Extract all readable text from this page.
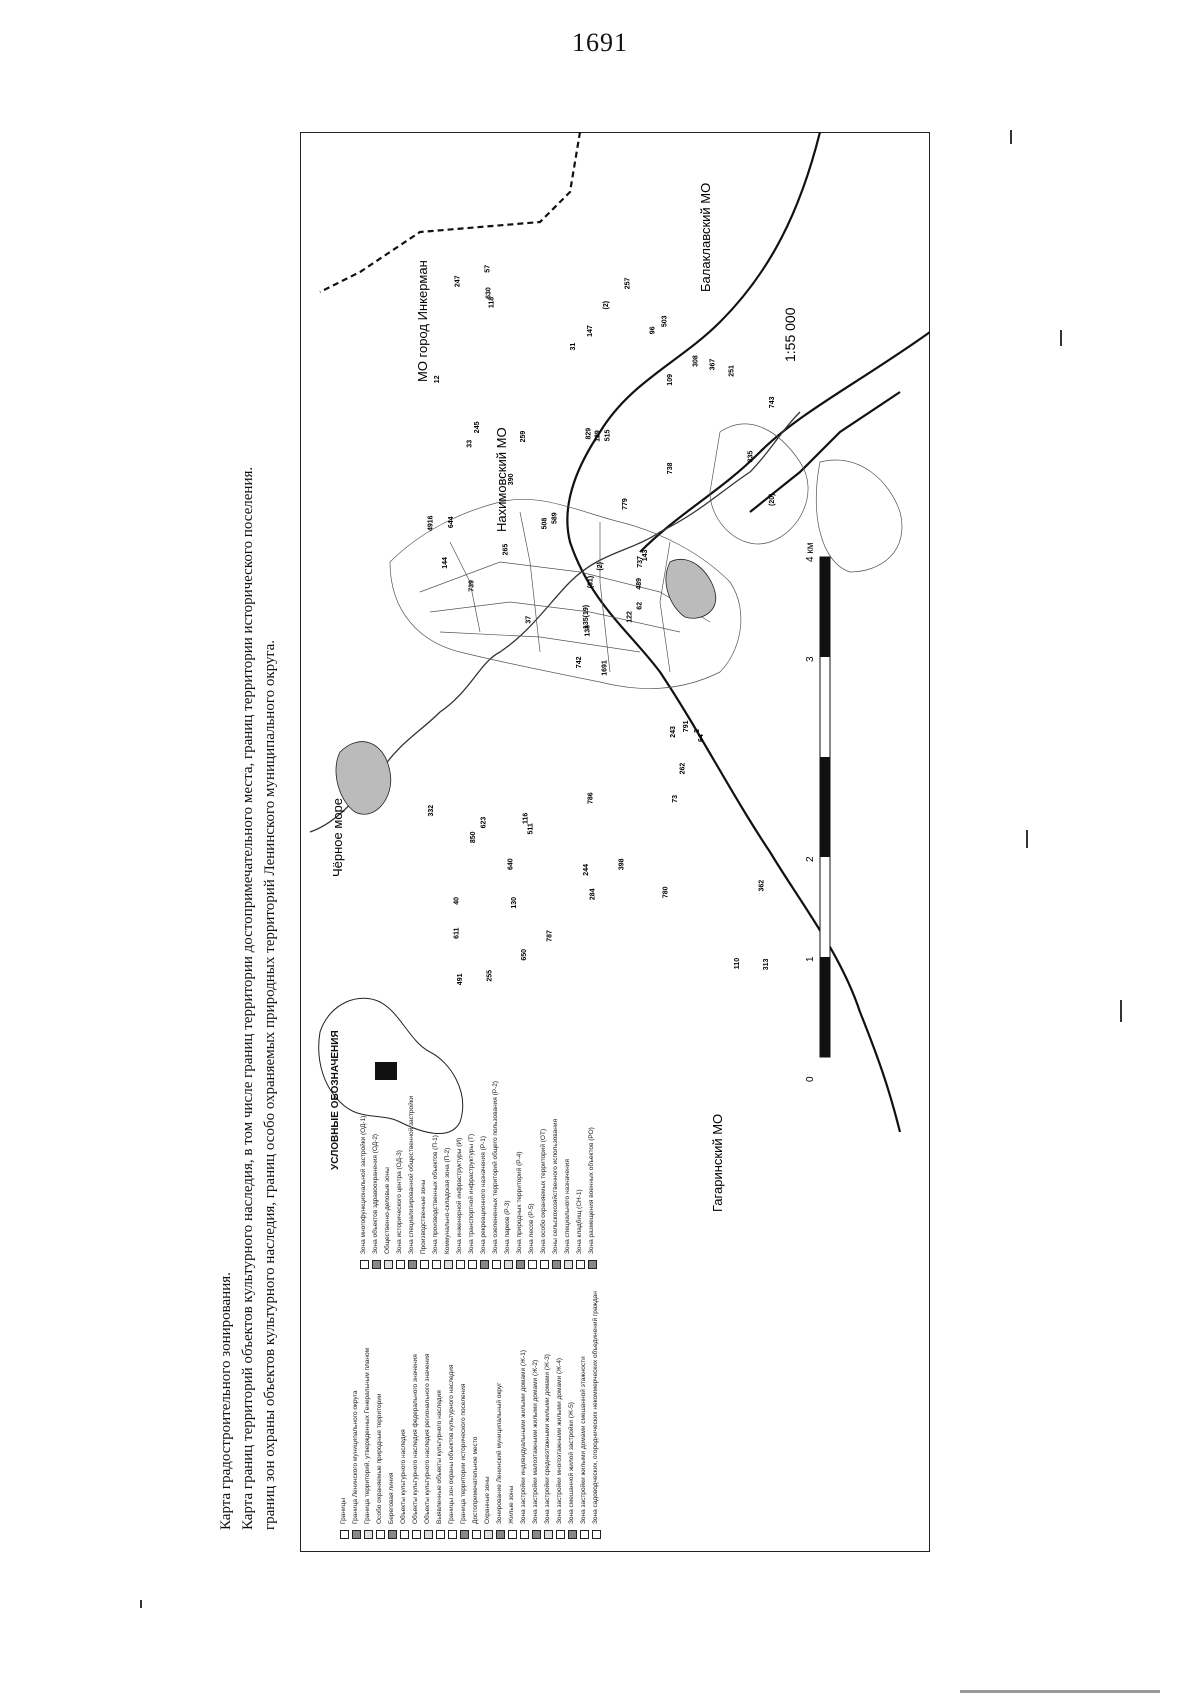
1691
Карта градостроительного зонирования. Карта границ территорий объектов культурного наследия, в том числе границ территории достопримечательного места, границ территории исторического поселения. границ зон охраны объектов культурного наследия, границ особо охраняемых природных территорий Ленинского муниципального округа.	Чёрное море
Гагаринский МО
Нахимовский МО
МО город Инкерман
Балаклавский МО
1:55 000
0
1
2
3
4 км
1691
33
138
40
737
511
503
515
109
122
118
313
739
743
742
738
255
829
779
623
589
611
130
129
143
64
245
147
144
243
(20)
135(19)
244
(31)
259
308
116
110
362
3
257
508
265
73
650
4916
489
491
284
62
850
835
12
262
780
640
630
247
398
251
(2)
37
644
390
367
57
96
31
(2)
332
786
787
791
УСЛОВНЫЕ ОБОЗНАЧЕНИЯ
Границы Граница Ленинского муниципального округа Граница территорий, утвержденных Генеральным планом Особо охраняемые природные территории Береговая линия Объекты культурного наследия Объекты культурного наследия федерального значения Объекты культурного наследия регионального значения Выявленные объекты культурного наследия Границы зон охраны объектов культурного наследия Граница территории исторического поселения Достопримечательное место Охранные зоны Зонирование Ленинский муниципальный округ Жилые зоны Зона застройки индивидуальными жилыми домами (Ж-1) Зона застройки малоэтажными жилыми домами (Ж-2) Зона застройки среднеэтажными жилыми домами (Ж-3) Зона застройки многоэтажными жилыми домами (Ж-4) Зона смешанной жилой застройки (Ж-5) Зона застройки жилыми домами смешанной этажности Зона садоводческих, огороднических некоммерческих объединений граждан
Зона многофункциональной застройки (ОД-1) Зона объектов здравоохранения (ОД-2) Общественно-деловые зоны Зона исторического центра (ОД-3) Зона специализированной общественной застройки Производственные зоны Зона производственных объектов (П-1) Коммунально-складская зона (П-2) Зона инженерной инфраструктуры (И) Зона транспортной инфраструктуры (Т) Зона рекреационного назначения (Р-1) Зона озелененных территорий общего пользования (Р-2) Зона парков (Р-3) Зона природных территорий (Р-4) Зона лесов (Р-5) Зона особо охраняемых территорий (ОТ) Зоны сельскохозяйственного использования Зона специального назначения Зона кладбищ (СН-1) Зона размещения военных объектов (РО)
